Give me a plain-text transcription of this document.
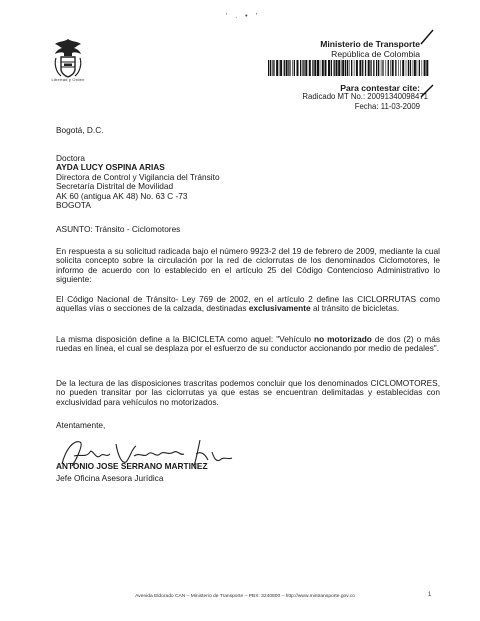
Libertad y Orden
' . • '
Ministerio de Transporte
República de Colombia
Para contestar cite:
Radicado MT No.: 20091340098471
Fecha: 11-03-2009
Bogotá, D.C.
Doctora
AYDA LUCY OSPINA ARIAS
Directora de Control y Vigilancia del Tránsito
Secretaría Distrital de Movilidad
AK 60 (antigua AK 48) No. 63 C -73
BOGOTA
ASUNTO: Tránsito - Ciclomotores

En respuesta a su solicitud radicada bajo el número 9923-2 del 19 de febrero de 2009, mediante la cual solicita concepto sobre la circulación por la red de ciclorrutas de los denominados Ciclomotores, le informo de acuerdo con lo establecido en el artículo 25 del Código Contencioso Administrativo lo siguiente:

El Código Nacional de Tránsito- Ley 769 de 2002, en el artículo 2 define las CICLORRUTAS como aquellas vías o secciones de la calzada, destinadas exclusivamente al tránsito de bicicletas.

La misma disposición define a la BICICLETA como aquel: "Vehículo no motorizado de dos (2) o más ruedas en línea, el cual se desplaza por el esfuerzo de su conductor accionando por medio de pedales".

De la lectura de las disposiciones trascritas podemos concluir que los denominados CICLOMOTORES, no pueden transitar por las ciclorrutas ya que estas se encuentran delimitadas y establecidas con exclusividad para vehículos no motorizados.

Atentamente,
ANTONIO JOSE SERRANO MARTINEZ
Jefe Oficina Asesora Jurídica
Avenida Eldorado CAN – Ministerio de Transporte – PBX: 3240800 – http://www.mintransporte.gov.co	1
